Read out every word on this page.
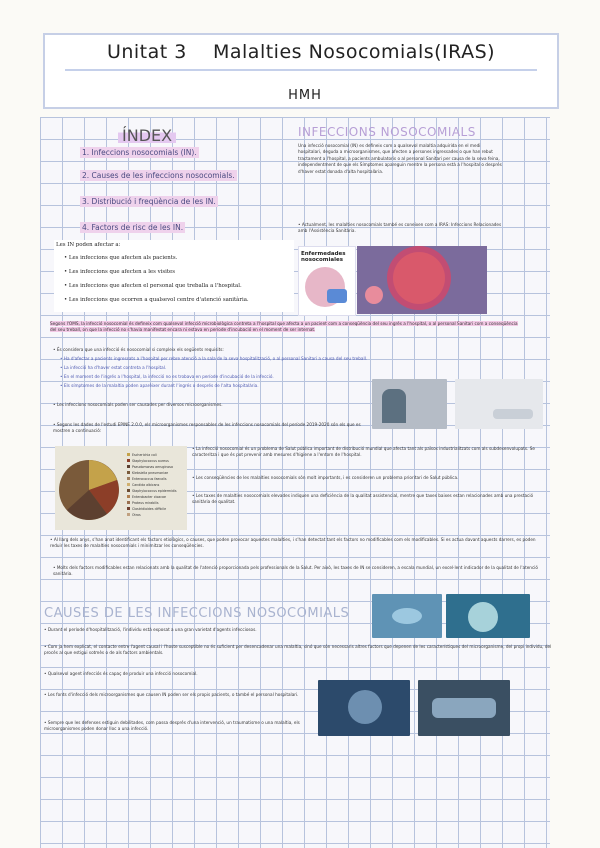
Unitat 3    Malalties Nosocomials(IRAS)
HMH
ÍNDEX
1. Infeccions nosocomials (IN).
2. Causes de les infeccions nosocomials.
3. Distribució i freqüència de les IN.
4. Factors de risc de les IN.
Les IN poden afectar a:
• Les infeccions que afecten als pacients.
• Les infeccions que afecten a les visites
• Les infeccions que afecten el personal que treballa a l'hospital.
• Les infeccions que ocorren a qualsevol centre d'atenció sanitària.
INFECCIONS NOSOCOMIALS
Una infecció nosocomial (IN) es defineix com a qualsevol malaltia adquirida en el medi hospitalari, deguda a microorganismes, que afecten a persones ingressades o que han rebut tractament a l'hospital, a pacients ambulatoris o al personal Sanitari per causa de la seva feina, independentment de que els Símptomes apareguin mentre la persona està a l'hospital o després d'haver estat donada d'alta hospitalària.
• Actualment, les malalties nosocomials també es coneixen com a IRAS: Infeccions Relacionades amb l'Assistència Sanitària.
Enfermedades nosocomiales
Segons l'OMS, la infecció nosocomial és defineix com qualsevol infecció microbiològica contreta a l'hospital que afecta a un pacient com a conseqüència del seu ingrés a l'hospital, o al personal Sanitari com a conseqüència del seu treball, on que la infecció no s'havia manifestat encara ni estava en període d'incubació en el moment de ser internat.
• És considera que una infecció és nosocomial si compleix els següents requisits:
• Ha d'afectar a pacients ingressats a l'hospital per rebre atenció a la sala de la seva hospitalització, o al personal Sanitari a causa del seu treball.
• La infecció ha d'haver estat contreta a l'hospital.
• En el moment de l'ingrés a l'hospital, la infecció no es trobava en període d'incubació de la infecció.
• Els símptomes de la malaltia poden aparèixer durant l'ingrés o després de l'alta hospitalària.
• Les infeccions nosocomials poden ser causades per diversos microorganismes.
• Segons les dades de l'estudi EPINE 2.0.0, els microorganismes responsables de les infeccions nosocomials del període 2019-2020 són els que es mostren a continuació:
Escherichia coli
Staphylococcus aureus
Pseudomonas aeruginosa
Klebsiella pneumoniae
Enterococcus faecalis
Candida albicans
Staphylococcus epidermidis
Enterobacter cloacae
Proteus mirabilis
Clostridioides difficile
Otros
• La infecció nosocomial és un problema de Salut pública important de distribució mundial que afecta tant als països industrialitzats com als subdesenvolupats. Se caracteritza i que és pot prevenir amb mesures d'higiene a l'entorn de l'hospital.
• Les conseqüències de les malalties nosocomials són molt importants, i es consideren un problema prioritari de Salut pública.
• Les taxes de malalties nosocomials elevades indiquen una deficiència de la qualitat assistencial, mentre que taxes baixes estan relacionades amb una prestació sanitària de qualitat.
• Al llarg dels anys, s'han anat identificant els factors etiològics, o causes, que poden provocar aquestes malalties, i s'han detectat tant els factors no modificables com els modificables. Si es actua davant aquests darrers, es poden reduir les taxes de malalties nosocomials i minimitzar les conseqüències.
• Molts dels factors modificables estan relacionats amb la qualitat de l'atenció proporcionada pels professionals de la Salut. Per això, les taxes de IN se consideren, a escala mundial, un excel·lent indicador de la qualitat de l'atenció sanitària.
CAUSES DE LES INFECCIONS NOSOCOMIALS
• Durant el període d'hospitalització, l'individu està exposat a una gran varietat d'agents infecciosos.
• Com ja hem explicat, el contacte entre l'agent causal i l'hoste susceptible no és suficient per desencadenar una malaltia, sinó que són necessaris altres factors que depenen de les característiques del microorganisme, del propi individu, del procés al que estigui sotmès o de als factors ambientals.
• Qualsevol agent infecciós és capaç de produir una infecció nosocomial.
• Les fonts d'infecció dels microorganismes que causen IN poden ser els propis pacients, o també el personal hospitalari.
• Sempre que les defenses estiguin debilitades, com passa després d'una intervenció, un traumatisme o una malaltia, els microorganismes poden donar lloc a una infecció.
